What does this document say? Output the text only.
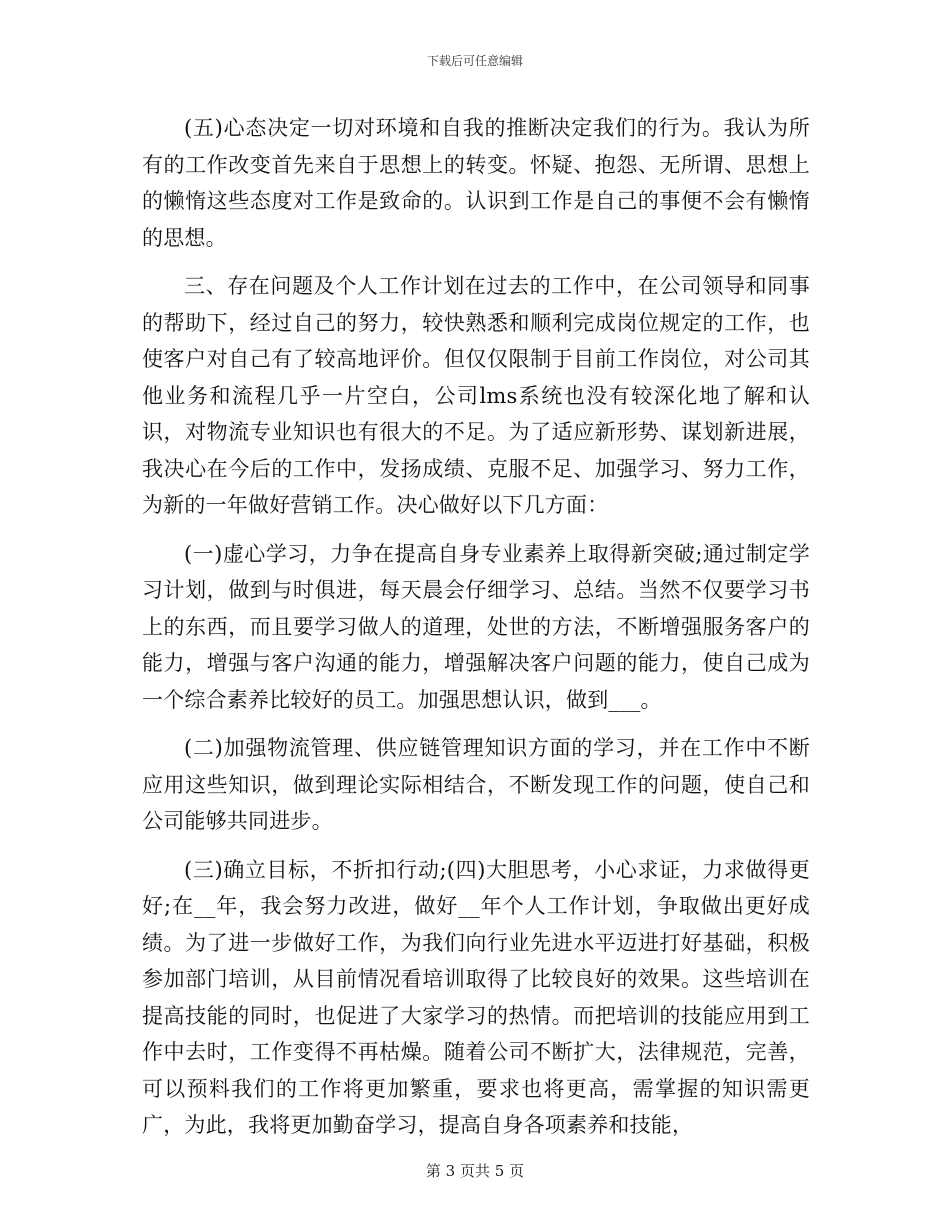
下载后可任意编辑

(五)心态决定一切对环境和自我的推断决定我们的行为。我认为所有的工作改变首先来自于思想上的转变。怀疑、抱怨、无所谓、思想上的懒惰这些态度对工作是致命的。认识到工作是自己的事便不会有懒惰的思想。

三、存在问题及个人工作计划在过去的工作中，在公司领导和同事的帮助下，经过自己的努力，较快熟悉和顺利完成岗位规定的工作，也使客户对自己有了较高地评价。但仅仅限制于目前工作岗位，对公司其他业务和流程几乎一片空白，公司lms系统也没有较深化地了解和认识，对物流专业知识也有很大的不足。为了适应新形势、谋划新进展，我决心在今后的工作中，发扬成绩、克服不足、加强学习、努力工作，为新的一年做好营销工作。决心做好以下几方面：

(一)虚心学习，力争在提高自身专业素养上取得新突破;通过制定学习计划，做到与时俱进，每天晨会仔细学习、总结。当然不仅要学习书上的东西，而且要学习做人的道理，处世的方法，不断增强服务客户的能力，增强与客户沟通的能力，增强解决客户问题的能力，使自己成为一个综合素养比较好的员工。加强思想认识，做到___。

(二)加强物流管理、供应链管理知识方面的学习，并在工作中不断应用这些知识，做到理论实际相结合，不断发现工作的问题，使自己和公司能够共同进步。

(三)确立目标，不折扣行动;(四)大胆思考，小心求证，力求做得更好;在__年，我会努力改进，做好__年个人工作计划，争取做出更好成绩。为了进一步做好工作，为我们向行业先进水平迈进打好基础，积极参加部门培训，从目前情况看培训取得了比较良好的效果。这些培训在提高技能的同时，也促进了大家学习的热情。而把培训的技能应用到工作中去时，工作变得不再枯燥。随着公司不断扩大，法律规范，完善，可以预料我们的工作将更加繁重，要求也将更高，需掌握的知识需更广，为此，我将更加勤奋学习，提高自身各项素养和技能，

第 3 页共 5 页
